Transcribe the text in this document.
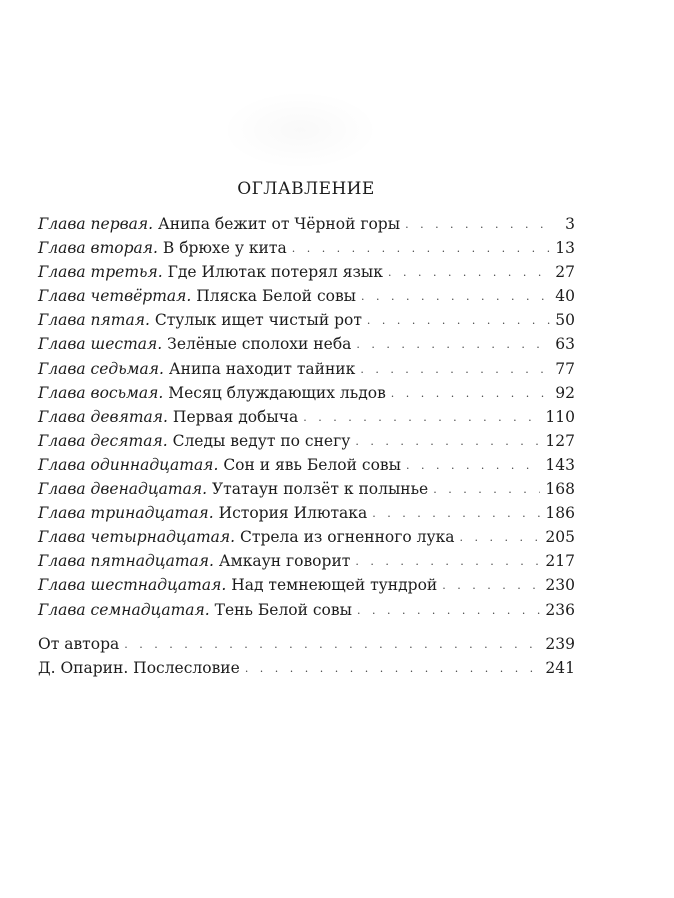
ОГЛАВЛЕНИЕ
Глава первая. Анипа бежит от Чёрной горы . . .	3
Глава вторая. В брюхе у кита . . .	13
Глава третья. Где Илютак потерял язык . . .	27
Глава четвёртая. Пляска Белой совы . . .	40
Глава пятая. Стулык ищет чистый рот . . .	50
Глава шестая. Зелёные сполохи неба . . .	63
Глава седьмая. Анипа находит тайник . . .	77
Глава восьмая. Месяц блуждающих льдов . . .	92
Глава девятая. Первая добыча . . .	110
Глава десятая. Следы ведут по снегу . . .	127
Глава одиннадцатая. Сон и явь Белой совы . . .	143
Глава двенадцатая. Утатаун ползёт к полынье . . .	168
Глава тринадцатая. История Илютака . . .	186
Глава четырнадцатая. Стрела из огненного лука . . .	205
Глава пятнадцатая. Амкаун говорит . . .	217
Глава шестнадцатая. Над темнеющей тундрой . . .	230
Глава семнадцатая. Тень Белой совы . . .	236
От автора . . .	239
Д. Опарин. Послесловие . . .	241
